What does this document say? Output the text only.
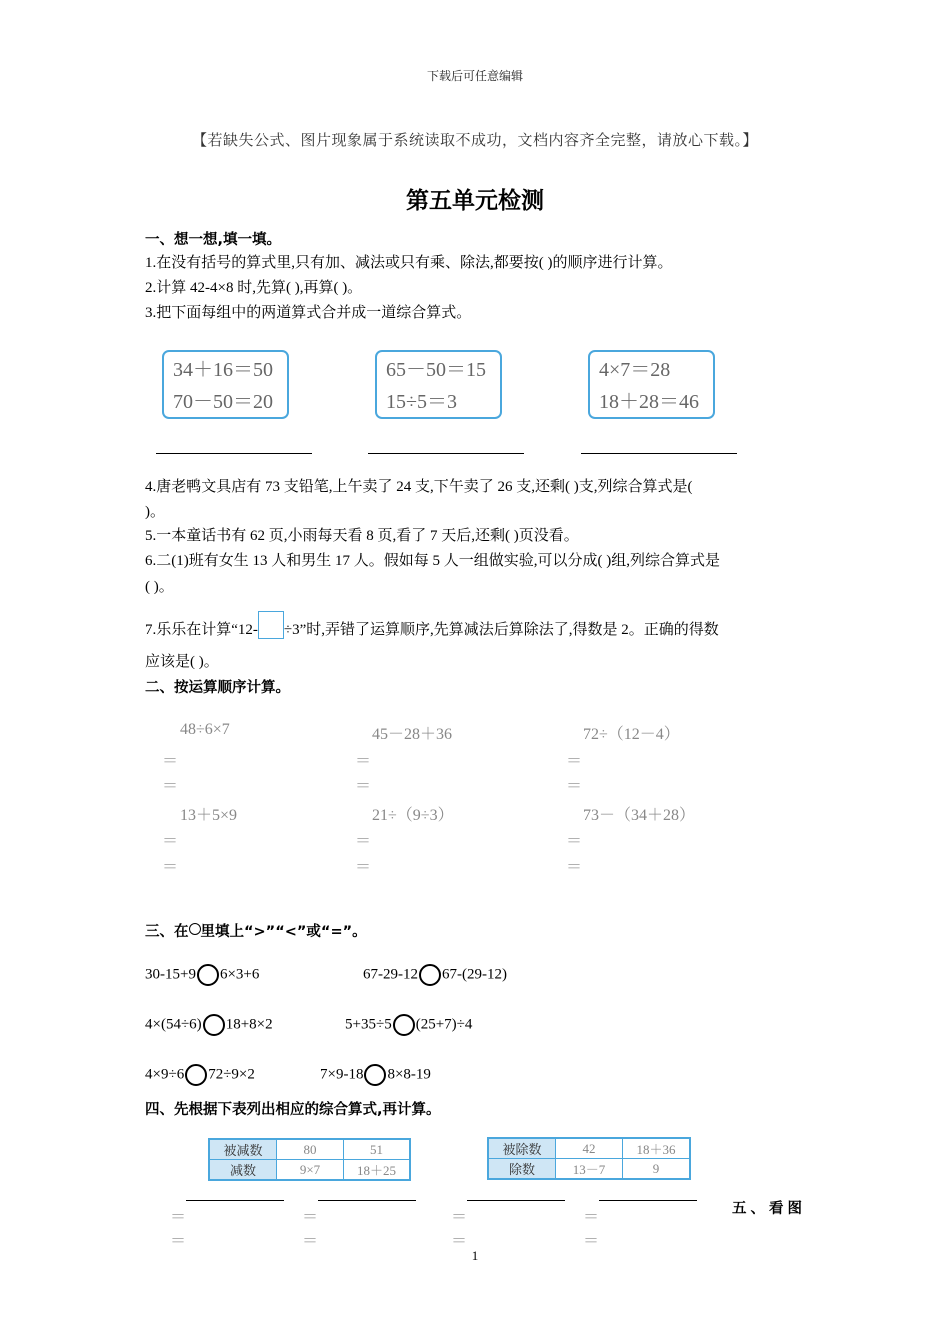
下载后可任意编辑
【若缺失公式、图片现象属于系统读取不成功，文档内容齐全完整，请放心下载。】
第五单元检测
一、想一想,填一填。
1.在没有括号的算式里,只有加、减法或只有乘、除法,都要按( )的顺序进行计算。
2.计算 42-4×8 时,先算( ),再算( )。
3.把下面每组中的两道算式合并成一道综合算式。
34＋16＝50
70－50＝20
65－50＝15
15÷5＝3
4×7＝28
18＋28＝46
4.唐老鸭文具店有 73 支铅笔,上午卖了 24 支,下午卖了 26 支,还剩( )支,列综合算式是(
)。
5.一本童话书有 62 页,小雨每天看 8 页,看了 7 天后,还剩( )页没看。
6.二(1)班有女生 13 人和男生 17 人。假如每 5 人一组做实验,可以分成( )组,列综合算式是
( )。
7.乐乐在计算“12- ÷3”时,弄错了运算顺序,先算减法后算除法了,得数是 2。正确的得数
应该是( )。
二、按运算顺序计算。
48÷6×7	45－28＋36	72÷（12－4）
＝	＝	＝
＝	＝	＝
13＋5×9	21÷（9÷3）	73－（34＋28）
＝	＝	＝
＝	＝	＝
三、在 里填上“>”“<”或“=”。
30-15+9 6×3+6	67-29-12 67-(29-12)
4×(54÷6) 18+8×2	5+35÷5 (25+7)÷4
4×9÷6 72÷9×2	7×9-18 8×8-19
四、先根据下表列出相应的综合算式,再计算。
被减数	80	51
减数	9×7	18＋25
被除数	42	18＋36
除数	13－7	9
＝	＝	＝	＝
＝	＝	＝	＝
五、看图
1
